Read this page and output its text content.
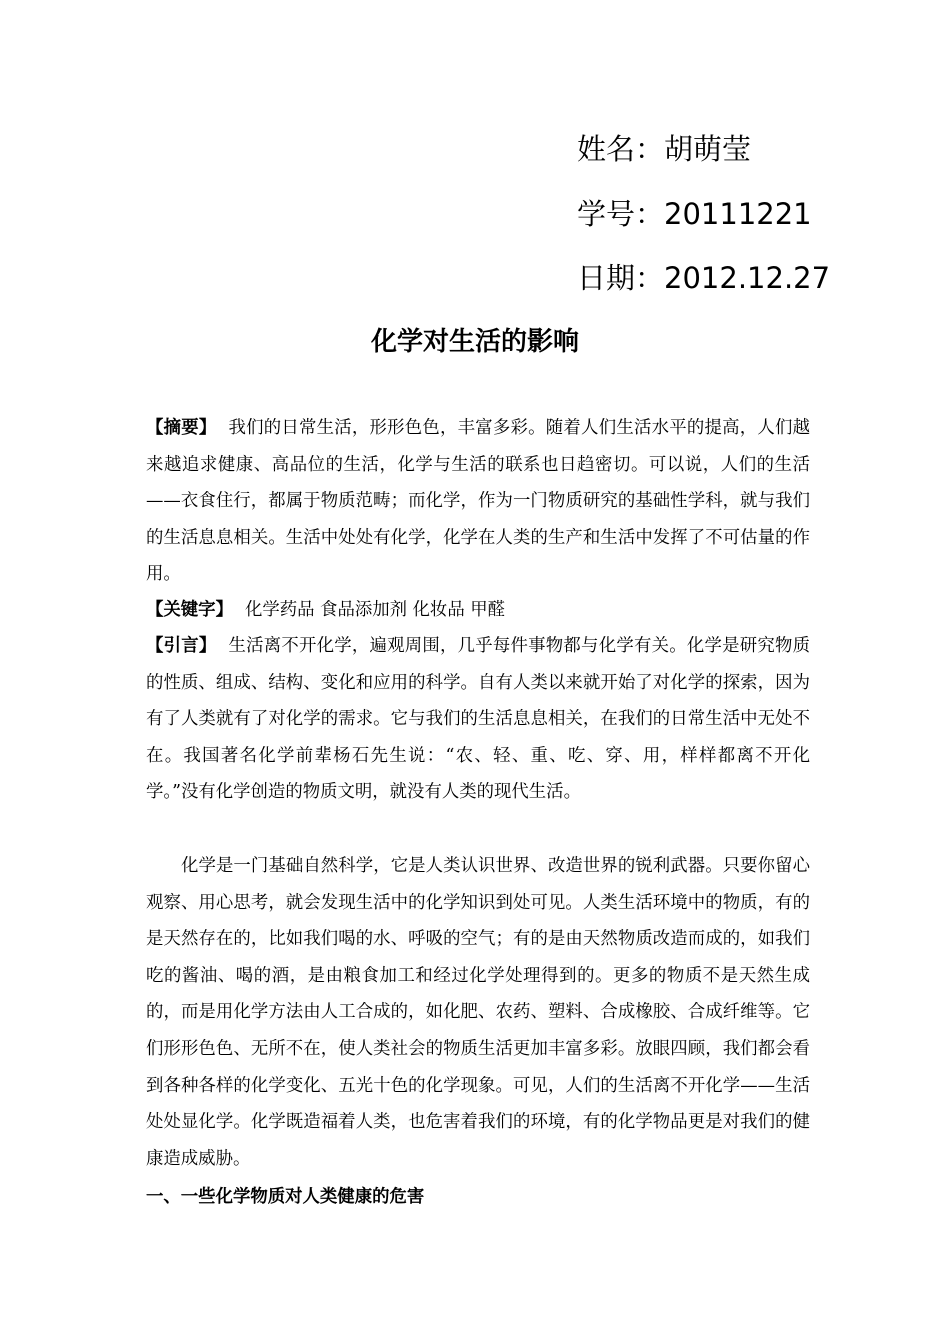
姓名：胡萌莹
学号：20111221
日期：2012.12.27
化学对生活的影响
【摘要】 我们的日常生活，形形色色，丰富多彩。随着人们生活水平的提高，人们越来越追求健康、高品位的生活，化学与生活的联系也日趋密切。可以说，人们的生活——衣食住行，都属于物质范畴；而化学，作为一门物质研究的基础性学科，就与我们的生活息息相关。生活中处处有化学，化学在人类的生产和生活中发挥了不可估量的作用。
【关键字】 化学药品 食品添加剂 化妆品 甲醛
【引言】 生活离不开化学，遍观周围，几乎每件事物都与化学有关。化学是研究物质的性质、组成、结构、变化和应用的科学。自有人类以来就开始了对化学的探索，因为有了人类就有了对化学的需求。它与我们的生活息息相关，在我们的日常生活中无处不在。我国著名化学前辈杨石先生说：“农、轻、重、吃、穿、用，样样都离不开化学。”没有化学创造的物质文明，就没有人类的现代生活。
化学是一门基础自然科学，它是人类认识世界、改造世界的锐利武器。只要你留心观察、用心思考，就会发现生活中的化学知识到处可见。人类生活环境中的物质，有的是天然存在的，比如我们喝的水、呼吸的空气；有的是由天然物质改造而成的，如我们吃的酱油、喝的酒，是由粮食加工和经过化学处理得到的。更多的物质不是天然生成的，而是用化学方法由人工合成的，如化肥、农药、塑料、合成橡胶、合成纤维等。它们形形色色、无所不在，使人类社会的物质生活更加丰富多彩。放眼四顾，我们都会看到各种各样的化学变化、五光十色的化学现象。可见，人们的生活离不开化学——生活处处显化学。化学既造福着人类，也危害着我们的环境，有的化学物品更是对我们的健康造成威胁。
一、一些化学物质对人类健康的危害
